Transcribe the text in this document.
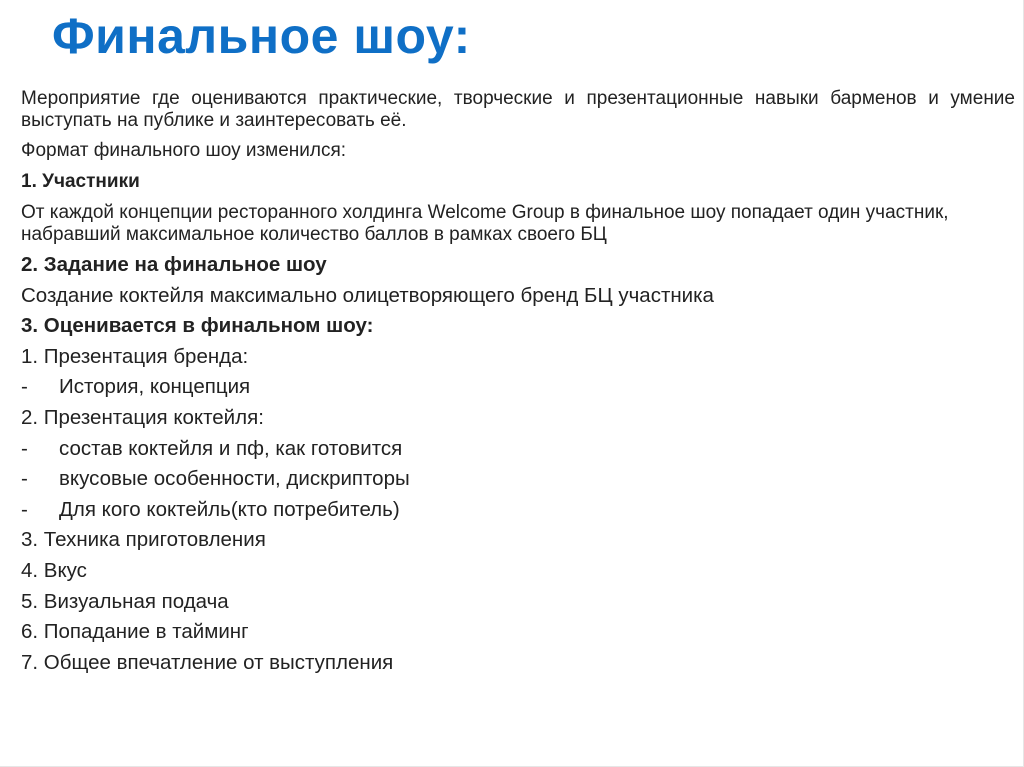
Финальное шоу:

Мероприятие где оцениваются практические, творческие и презентационные навыки барменов и умение выступать на публике и заинтересовать её.

Формат финального шоу изменился:

1. Участники

От каждой концепции ресторанного холдинга Welcome Group в финальное шоу попадает один участник, набравший максимальное количество баллов в рамках своего БЦ

2. Задание на финальное шоу

Создание коктейля максимально олицетворяющего бренд БЦ участника

3. Оценивается в финальном шоу:

1. Презентация бренда:

-	История, концепция

2. Презентация коктейля:

-	состав коктейля и пф, как готовится
-	вкусовые особенности, дискрипторы
-	Для кого коктейль(кто потребитель)

3. Техника приготовления

4. Вкус

5. Визуальная подача

6. Попадание в тайминг

7. Общее впечатление от выступления
